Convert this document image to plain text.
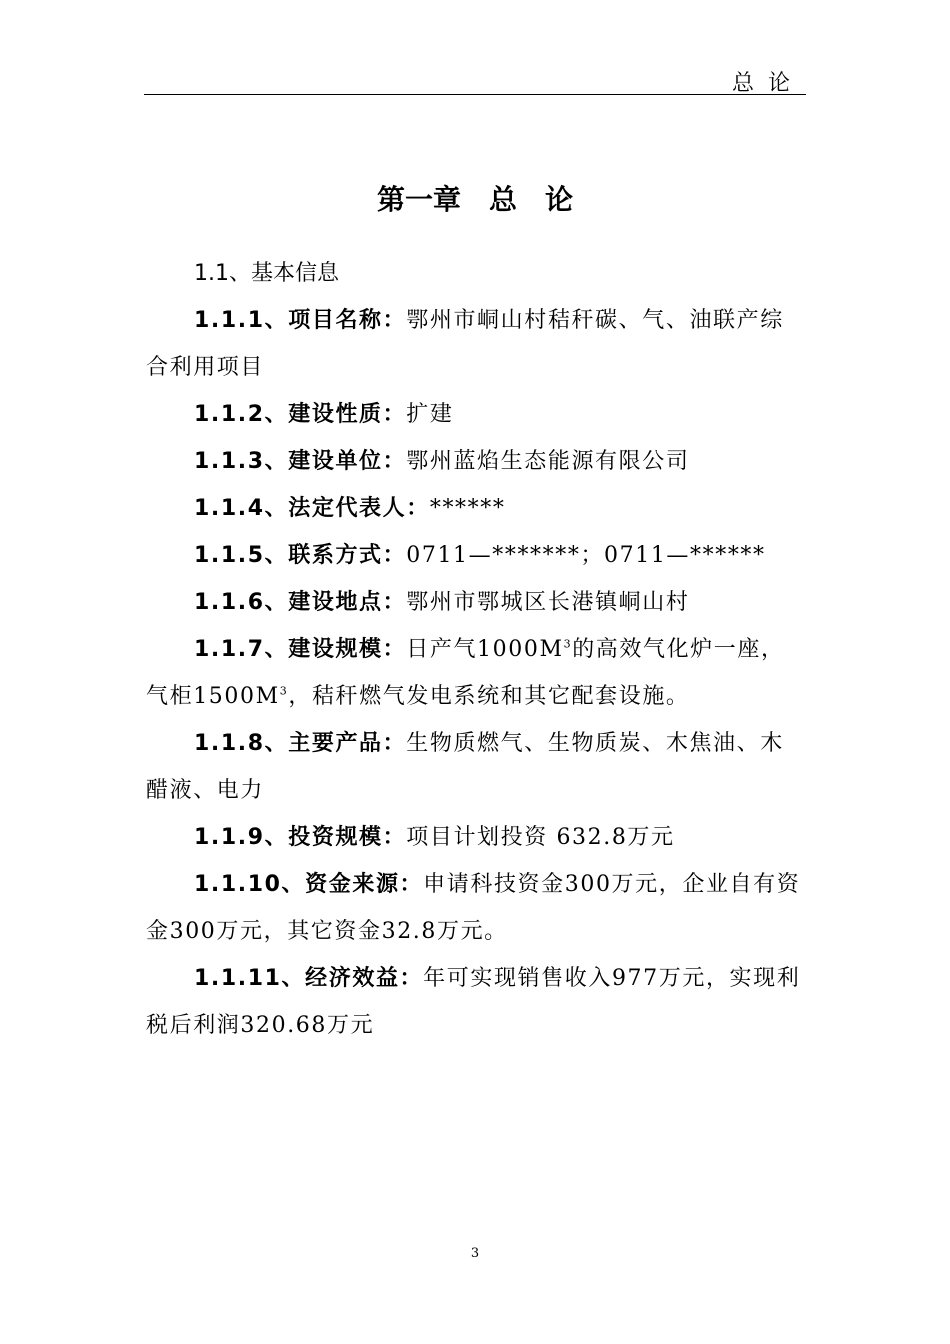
总论
第一章　总　论

1.1、基本信息

1.1.1、项目名称：鄂州市峒山村秸秆碳、气、油联产综合利用项目

1.1.2、建设性质：扩建

1.1.3、建设单位：鄂州蓝焰生态能源有限公司

1.1.4、法定代表人：******

1.1.5、联系方式：0711—*******；0711—******

1.1.6、建设地点：鄂州市鄂城区长港镇峒山村

1.1.7、建设规模：日产气$1000M^3$的高效气化炉一座，气柜$1500M^3$，秸秆燃气发电系统和其它配套设施。

1.1.8、主要产品：生物质燃气、生物质炭、木焦油、木醋液、电力

1.1.9、投资规模：项目计划投资 632.8万元

1.1.10、资金来源：申请科技资金300万元，企业自有资金300万元，其它资金32.8万元。

1.1.11、经济效益：年可实现销售收入977万元，实现利税后利润320.68万元

3
